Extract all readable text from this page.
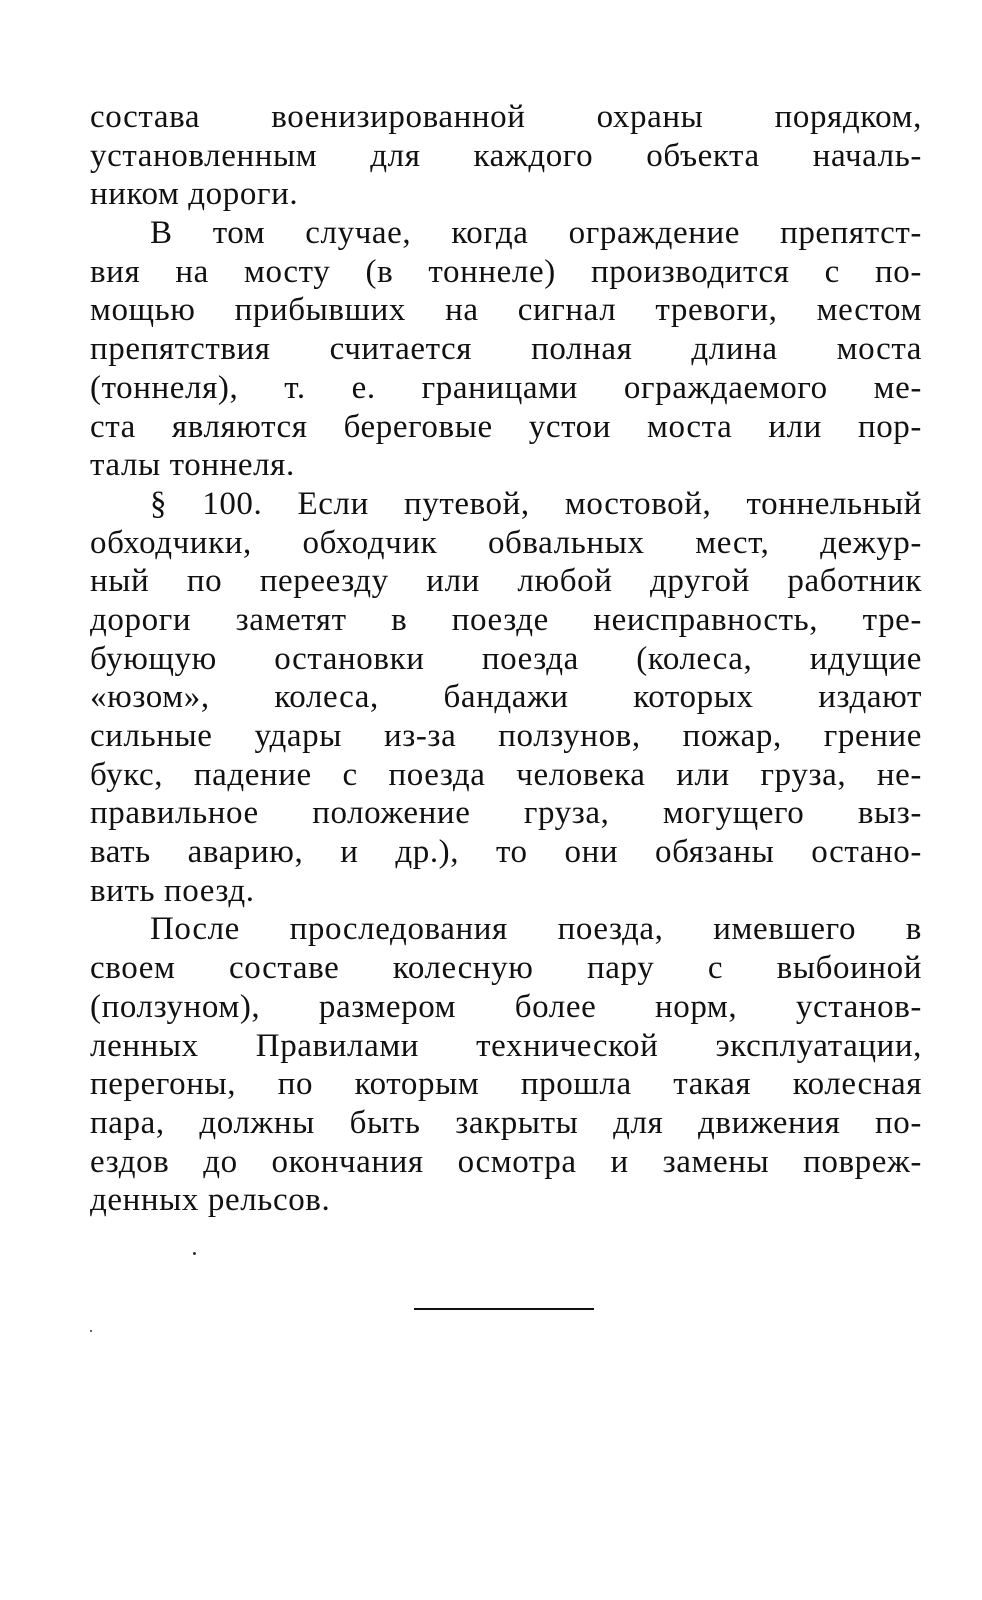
состава военизированной охраны порядком,
установленным для каждого объекта началь-
ником дороги.
В том случае, когда ограждение препятст-
вия на мосту (в тоннеле) производится с по-
мощью прибывших на сигнал тревоги, местом
препятствия считается полная длина моста
(тоннеля), т. е. границами ограждаемого ме-
ста являются береговые устои моста или пор-
талы тоннеля.
§ 100. Если путевой, мостовой, тоннельный
обходчики, обходчик обвальных мест, дежур-
ный по переезду или любой другой работник
дороги заметят в поезде неисправность, тре-
бующую остановки поезда (колеса, идущие
«юзом», колеса, бандажи которых издают
сильные удары из-за ползунов, пожар, грение
букс, падение с поезда человека или груза, не-
правильное положение груза, могущего выз-
вать аварию, и др.), то они обязаны остано-
вить поезд.
После проследования поезда, имевшего в
своем составе колесную пару с выбоиной
(ползуном), размером более норм, установ-
ленных Правилами технической эксплуатации,
перегоны, по которым прошла такая колесная
пара, должны быть закрыты для движения по-
ездов до окончания осмотра и замены повреж-
денных рельсов.
